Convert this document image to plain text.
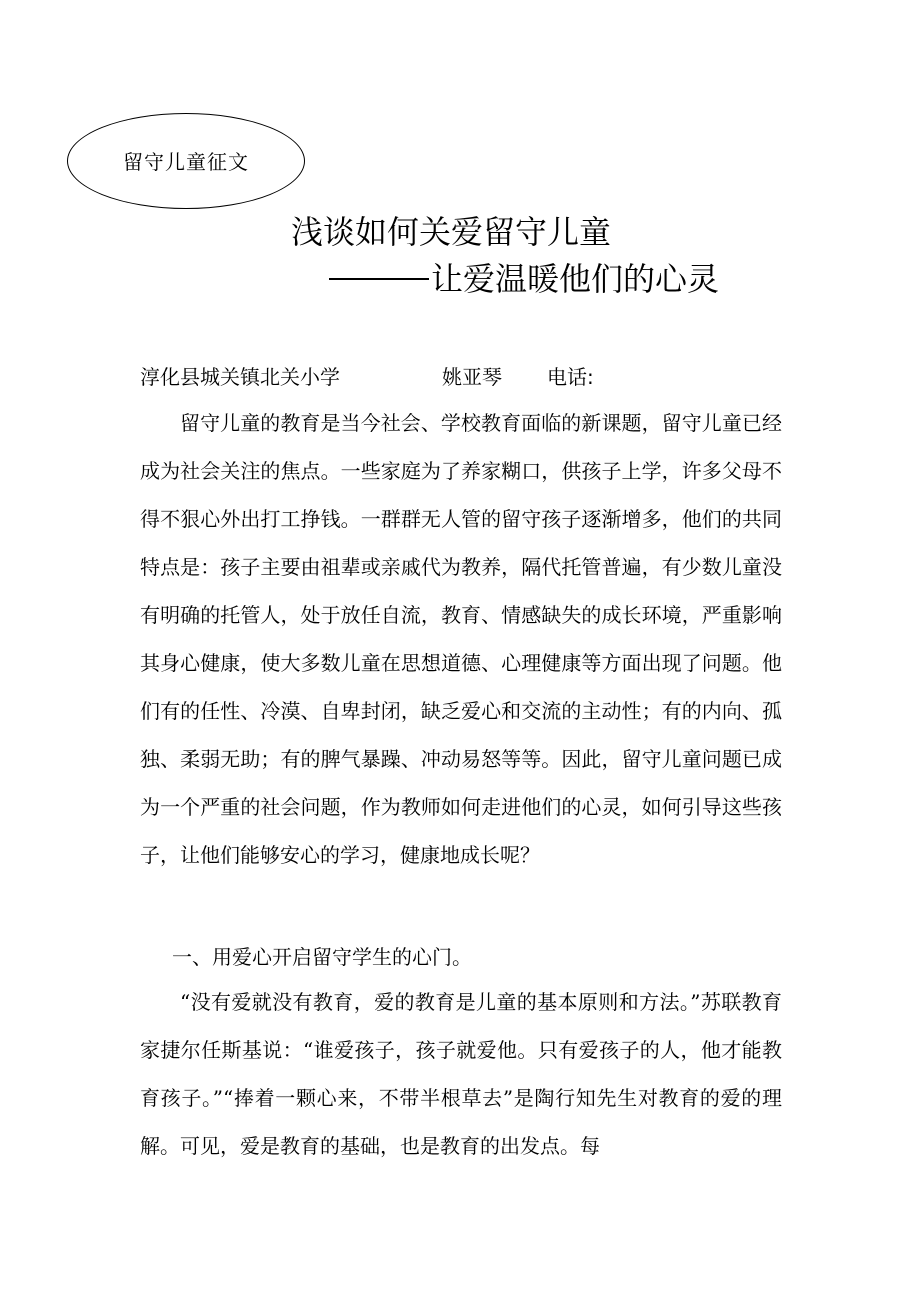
留守儿童征文
浅谈如何关爱留守儿童
让爱温暖他们的心灵
淳化县城关镇北关小学	姚亚琴 电话:

留守儿童的教育是当今社会、学校教育面临的新课题，留守儿童已经成为社会关注的焦点。一些家庭为了养家糊口，供孩子上学，许多父母不得不狠心外出打工挣钱。一群群无人管的留守孩子逐渐增多，他们的共同特点是：孩子主要由祖辈或亲戚代为教养，隔代托管普遍，有少数儿童没有明确的托管人，处于放任自流，教育、情感缺失的成长环境，严重影响其身心健康，使大多数儿童在思想道德、心理健康等方面出现了问题。他们有的任性、冷漠、自卑封闭，缺乏爱心和交流的主动性；有的内向、孤独、柔弱无助；有的脾气暴躁、冲动易怒等等。因此，留守儿童问题已成为一个严重的社会问题，作为教师如何走进他们的心灵，如何引导这些孩子，让他们能够安心的学习，健康地成长呢？

一、用爱心开启留守学生的心门。

“没有爱就没有教育，爱的教育是儿童的基本原则和方法。”苏联教育家捷尔任斯基说：“谁爱孩子，孩子就爱他。只有爱孩子的人，他才能教育孩子。”“捧着一颗心来，不带半根草去”是陶行知先生对教育的爱的理解。可见，爱是教育的基础，也是教育的出发点。每
